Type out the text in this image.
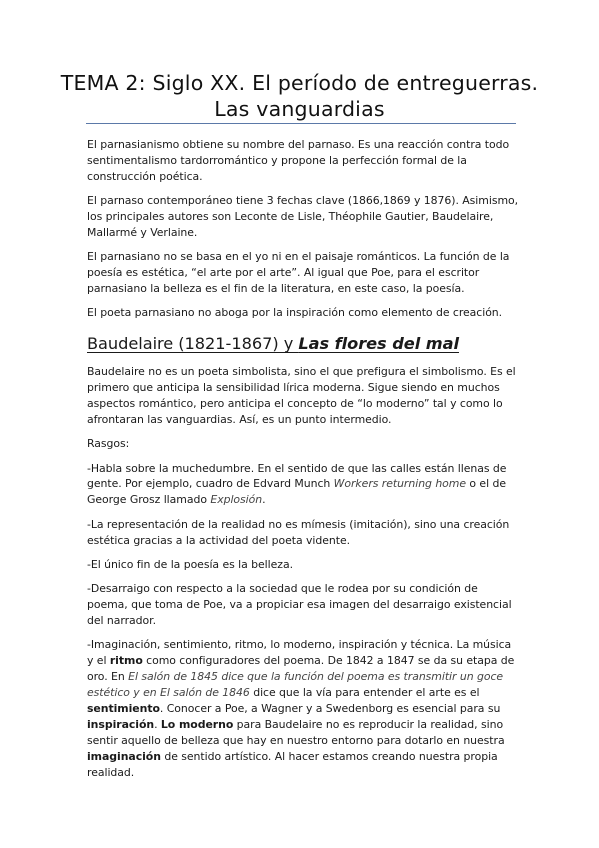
TEMA 2: Siglo XX. El período de entreguerras. Las vanguardias

El parnasianismo obtiene su nombre del parnaso. Es una reacción contra todo sentimentalismo tardorromántico y propone la perfección formal de la construcción poética.

El parnaso contemporáneo tiene 3 fechas clave (1866,1869 y 1876). Asimismo, los principales autores son Leconte de Lisle, Théophile Gautier, Baudelaire, Mallarmé y Verlaine.

El parnasiano no se basa en el yo ni en el paisaje románticos. La función de la poesía es estética, “el arte por el arte”. Al igual que Poe, para el escritor parnasiano la belleza es el fin de la literatura, en este caso, la poesía.

El poeta parnasiano no aboga por la inspiración como elemento de creación.

Baudelaire (1821-1867) y Las flores del mal

Baudelaire no es un poeta simbolista, sino el que prefigura el simbolismo. Es el primero que anticipa la sensibilidad lírica moderna. Sigue siendo en muchos aspectos romántico, pero anticipa el concepto de “lo moderno” tal y como lo afrontaran las vanguardias. Así, es un punto intermedio.

Rasgos:

-Habla sobre la muchedumbre. En el sentido de que las calles están llenas de gente. Por ejemplo, cuadro de Edvard Munch Workers returning home o el de George Grosz llamado Explosión.

-La representación de la realidad no es mímesis (imitación), sino una creación estética gracias a la actividad del poeta vidente.

-El único fin de la poesía es la belleza.

-Desarraigo con respecto a la sociedad que le rodea por su condición de poema, que toma de Poe, va a propiciar esa imagen del desarraigo existencial del narrador.

-Imaginación, sentimiento, ritmo, lo moderno, inspiración y técnica. La música y el ritmo como configuradores del poema. De 1842 a 1847 se da su etapa de oro. En El salón de 1845 dice que la función del poema es transmitir un goce estético y en El salón de 1846 dice que la vía para entender el arte es el sentimiento. Conocer a Poe, a Wagner y a Swedenborg es esencial para su inspiración. Lo moderno para Baudelaire no es reproducir la realidad, sino sentir aquello de belleza que hay en nuestro entorno para dotarlo en nuestra imaginación de sentido artístico. Al hacer estamos creando nuestra propia realidad.
